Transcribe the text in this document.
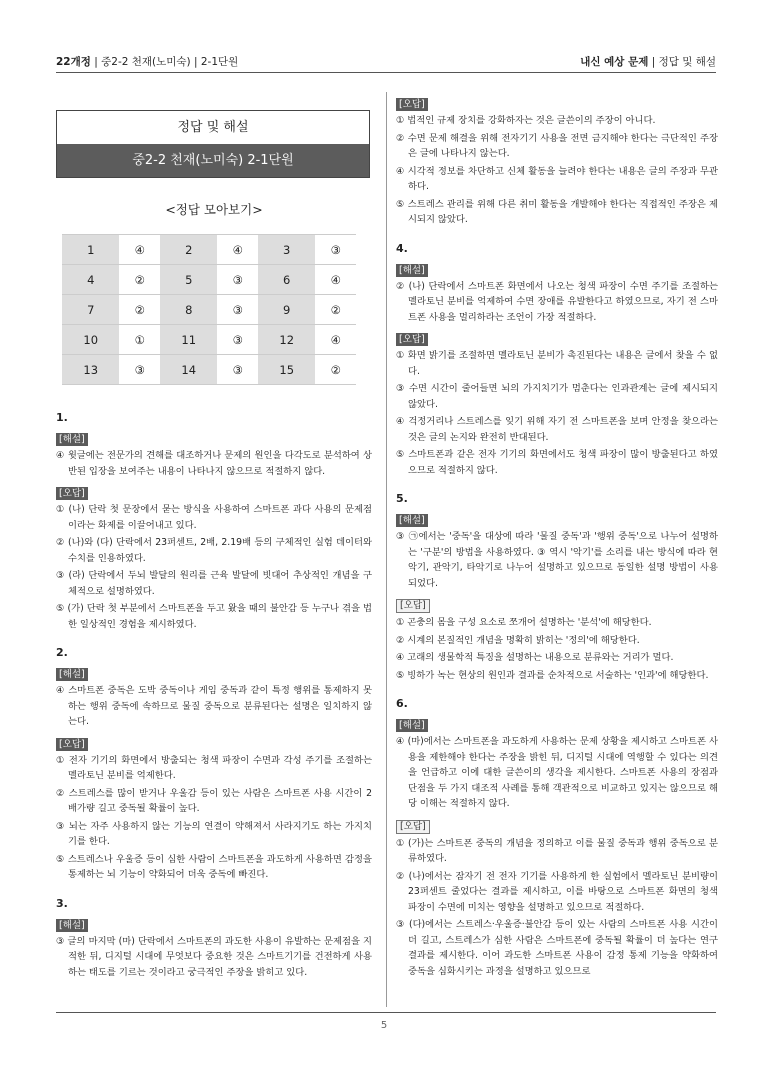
22개정 | 중2-2 천재(노미숙) | 2-1단원	내신 예상 문제 | 정답 및 해설
정답 및 해설
중2-2 천재(노미숙) 2-1단원
<정답 모아보기>
1	④	2	④	3	③
4	②	5	③	6	④
7	②	8	③	9	②
10	①	11	③	12	④
13	③	14	③	15	②
1.
[해설]
④ 윗글에는 전문가의 견해를 대조하거나 문제의 원인을 다각도로 분석하여 상반된 입장을 보여주는 내용이 나타나지 않으므로 적절하지 않다.
[오답]
① (나) 단락 첫 문장에서 묻는 방식을 사용하여 스마트폰 과다 사용의 문제점이라는 화제를 이끌어내고 있다.
② (나)와 (다) 단락에서 23퍼센트, 2배, 2.19배 등의 구체적인 실험 데이터와 수치를 인용하였다.
③ (라) 단락에서 두뇌 발달의 원리를 근육 발달에 빗대어 추상적인 개념을 구체적으로 설명하였다.
⑤ (가) 단락 첫 부분에서 스마트폰을 두고 왔을 때의 불안감 등 누구나 겪을 법한 일상적인 경험을 제시하였다.
2.
[해설]
④ 스마트폰 중독은 도박 중독이나 게임 중독과 같이 특정 행위를 통제하지 못하는 행위 중독에 속하므로 물질 중독으로 분류된다는 설명은 일치하지 않는다.
[오답]
① 전자 기기의 화면에서 방출되는 청색 파장이 수면과 각성 주기를 조절하는 멜라토닌 분비를 억제한다.
② 스트레스를 많이 받거나 우울감 등이 있는 사람은 스마트폰 사용 시간이 2배가량 길고 중독될 확률이 높다.
③ 뇌는 자주 사용하지 않는 기능의 연결이 약해져서 사라지기도 하는 가지치기를 한다.
⑤ 스트레스나 우울증 등이 심한 사람이 스마트폰을 과도하게 사용하면 감정을 통제하는 뇌 기능이 약화되어 더욱 중독에 빠진다.
3.
[해설]
③ 글의 마지막 (마) 단락에서 스마트폰의 과도한 사용이 유발하는 문제점을 지적한 뒤, 디지털 시대에 무엇보다 중요한 것은 스마트기기를 건전하게 사용하는 태도를 기르는 것이라고 궁극적인 주장을 밝히고 있다.
[오답]
① 법적인 규제 장치를 강화하자는 것은 글쓴이의 주장이 아니다.
② 수면 문제 해결을 위해 전자기기 사용을 전면 금지해야 한다는 극단적인 주장은 글에 나타나지 않는다.
④ 시각적 정보를 차단하고 신체 활동을 늘려야 한다는 내용은 글의 주장과 무관하다.
⑤ 스트레스 관리를 위해 다른 취미 활동을 개발해야 한다는 직접적인 주장은 제시되지 않았다.
4.
[해설]
② (나) 단락에서 스마트폰 화면에서 나오는 청색 파장이 수면 주기를 조절하는 멜라토닌 분비를 억제하여 수면 장애를 유발한다고 하였으므로, 자기 전 스마트폰 사용을 멀리하라는 조언이 가장 적절하다.
[오답]
① 화면 밝기를 조절하면 멜라토닌 분비가 촉진된다는 내용은 글에서 찾을 수 없다.
③ 수면 시간이 줄어들면 뇌의 가지치기가 멈춘다는 인과관계는 글에 제시되지 않았다.
④ 걱정거리나 스트레스를 잊기 위해 자기 전 스마트폰을 보며 안정을 찾으라는 것은 글의 논지와 완전히 반대된다.
⑤ 스마트폰과 같은 전자 기기의 화면에서도 청색 파장이 많이 방출된다고 하였으므로 적절하지 않다.
5.
[해설]
③ ㉠에서는 '중독'을 대상에 따라 '물질 중독'과 '행위 중독'으로 나누어 설명하는 '구분'의 방법을 사용하였다. ③ 역시 '악기'를 소리를 내는 방식에 따라 현악기, 관악기, 타악기로 나누어 설명하고 있으므로 동일한 설명 방법이 사용되었다.
[오답]
① 곤충의 몸을 구성 요소로 쪼개어 설명하는 '분석'에 해당한다.
② 시계의 본질적인 개념을 명확히 밝히는 '정의'에 해당한다.
④ 고래의 생물학적 특징을 설명하는 내용으로 분류와는 거리가 멀다.
⑤ 빙하가 녹는 현상의 원인과 결과를 순차적으로 서술하는 '인과'에 해당한다.
6.
[해설]
④ (마)에서는 스마트폰을 과도하게 사용하는 문제 상황을 제시하고 스마트폰 사용을 제한해야 한다는 주장을 밝힌 뒤, 디지털 시대에 역행할 수 있다는 의견을 언급하고 이에 대한 글쓴이의 생각을 제시한다. 스마트폰 사용의 장점과 단점을 두 가지 대조적 사례를 통해 객관적으로 비교하고 있지는 않으므로 해당 이해는 적절하지 않다.
[오답]
① (가)는 스마트폰 중독의 개념을 정의하고 이를 물질 중독과 행위 중독으로 분류하였다.
② (나)에서는 잠자기 전 전자 기기를 사용하게 한 실험에서 멜라토닌 분비량이 23퍼센트 줄었다는 결과를 제시하고, 이를 바탕으로 스마트폰 화면의 청색 파장이 수면에 미치는 영향을 설명하고 있으므로 적절하다.
③ (다)에서는 스트레스·우울증·불안감 등이 있는 사람의 스마트폰 사용 시간이 더 길고, 스트레스가 심한 사람은 스마트폰에 중독될 확률이 더 높다는 연구 결과를 제시한다. 이어 과도한 스마트폰 사용이 감정 통제 기능을 약화하여 중독을 심화시키는 과정을 설명하고 있으므로
5
